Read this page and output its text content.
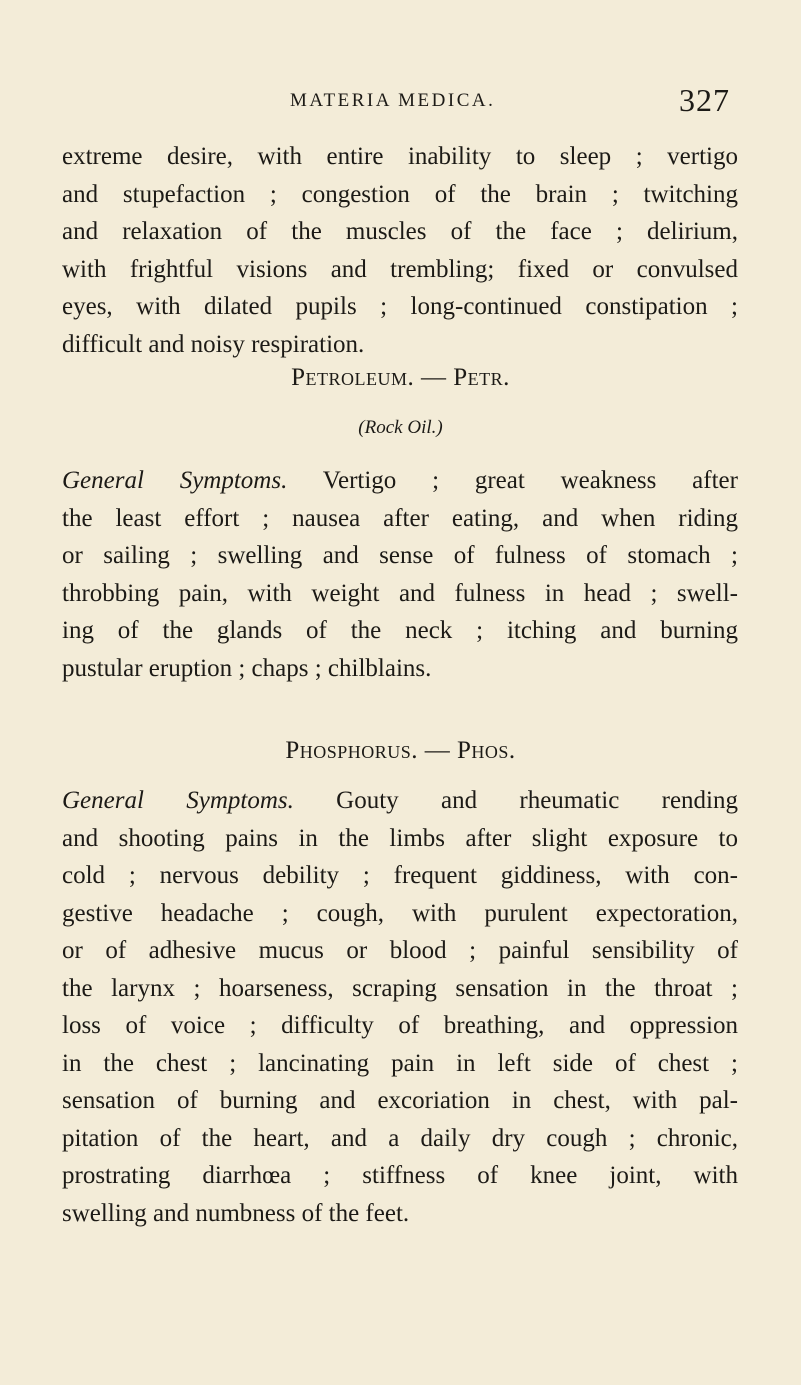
MATERIA MEDICA.	327
extreme desire, with entire inability to sleep ; vertigo
and stupefaction ; congestion of the brain ; twitching
and relaxation of the muscles of the face ; delirium,
with frightful visions and trembling; fixed or convulsed
eyes, with dilated pupils ; long-continued constipation ;
difficult and noisy respiration.
Petroleum. — Petr.
(Rock Oil.)
General Symptoms. Vertigo ; great weakness after
the least effort ; nausea after eating, and when riding
or sailing ; swelling and sense of fulness of stomach ;
throbbing pain, with weight and fulness in head ; swell-
ing of the glands of the neck ; itching and burning
pustular eruption ; chaps ; chilblains.
Phosphorus. — Phos.
General Symptoms. Gouty and rheumatic rending
and shooting pains in the limbs after slight exposure to
cold ; nervous debility ; frequent giddiness, with con-
gestive headache ; cough, with purulent expectoration,
or of adhesive mucus or blood ; painful sensibility of
the larynx ; hoarseness, scraping sensation in the throat ;
loss of voice ; difficulty of breathing, and oppression
in the chest ; lancinating pain in left side of chest ;
sensation of burning and excoriation in chest, with pal-
pitation of the heart, and a daily dry cough ; chronic,
prostrating diarrhœa ; stiffness of knee joint, with
swelling and numbness of the feet.
